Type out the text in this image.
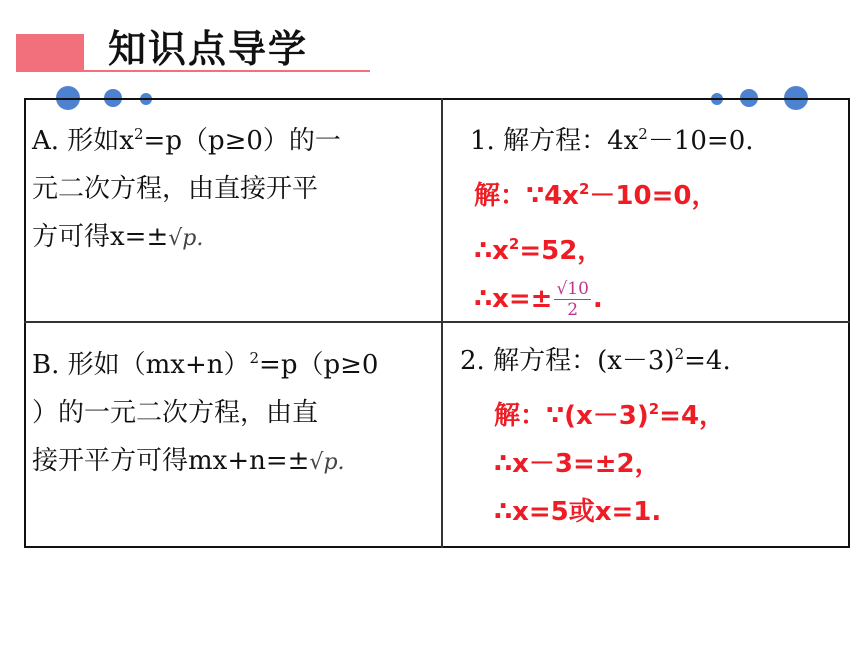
知识点导学
A. 形如$x^2=p(p\ge 0)$的一
元二次方程，由直接开平
方可得x=±√p.
1. 解方程：$4x^2-10=0$.
解：$\because 4x^2-10=0$，
$\therefore x^2=52$，
∴x=± $\frac{√10}{2}$ .
B. 形如$(mx+n)^2=p(p\ge 0$
）的一元二次方程，由直
接开平方可得mx+n=±√p.
2. 解方程：$(x-3)^2=4$.
解：$\because(x-3)^2=4$，
∴x－3=±2，
∴x=5或x=1.
